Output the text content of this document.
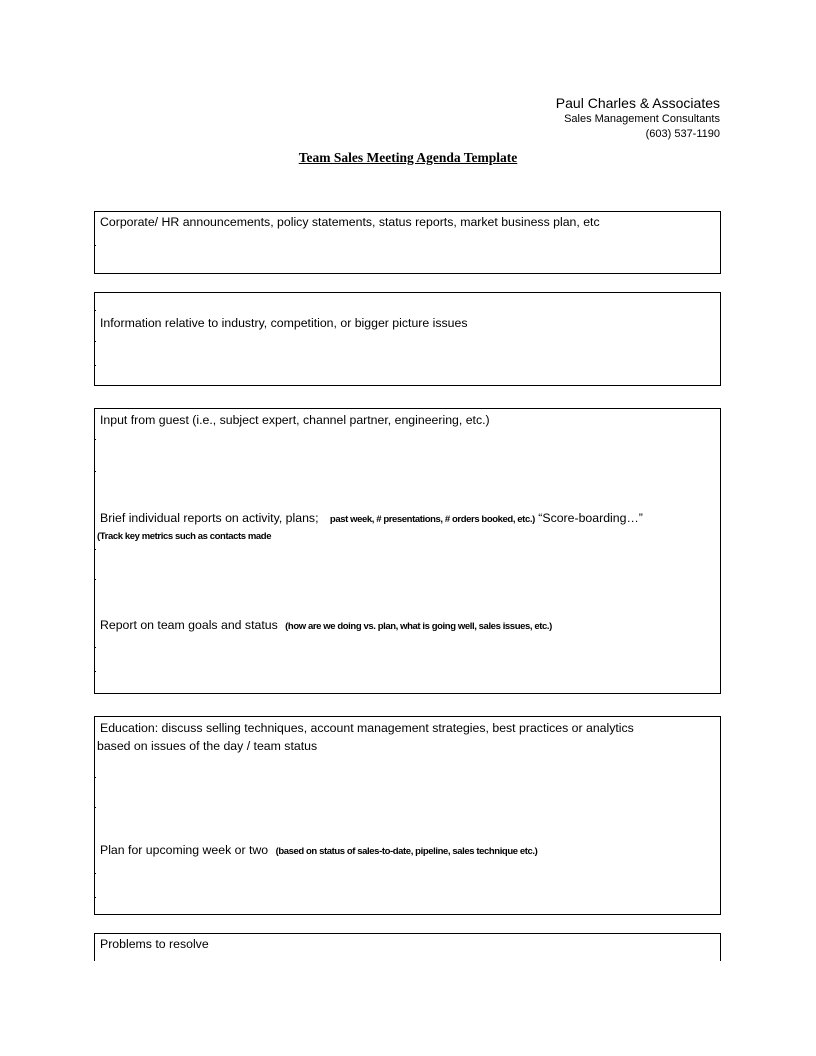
Paul Charles & Associates
Sales Management Consultants
(603) 537-1190
Team Sales Meeting Agenda Template
Corporate/ HR announcements, policy statements, status reports, market business plan, etc
Information relative to industry, competition, or bigger picture issues
Input from guest (i.e., subject expert, channel partner, engineering, etc.)
Brief individual reports on activity, plans; past week, # presentations, # orders booked, etc.) “Score-boarding…”
(Track key metrics such as contacts made
Report on team goals and status (how are we doing vs. plan, what is going well, sales issues, etc.)
Education: discuss selling techniques, account management strategies, best practices or analytics
based on issues of the day / team status
Plan for upcoming week or two (based on status of sales-to-date, pipeline, sales technique etc.)
Problems to resolve
